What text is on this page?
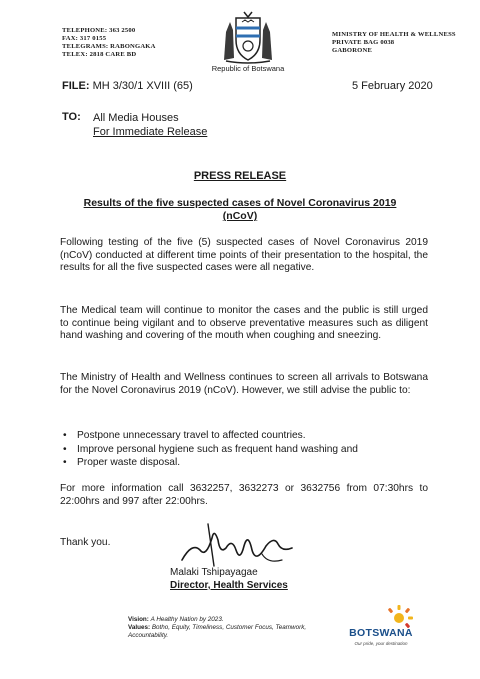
TELEPHONE: 363 2500
FAX: 317 0155
TELEGRAMS: RABONGAKA
TELEX: 2818 CARE BD
Republic of Botswana
MINISTRY OF HEALTH & WELLNESS
PRIVATE BAG 0038
GABORONE
FILE: MH 3/30/1 XVIII (65)	5 February 2020
TO: All Media Houses
For Immediate Release
PRESS RELEASE
Results of the five suspected cases of Novel Coronavirus 2019 (nCoV)
Following testing of the five (5) suspected cases of Novel Coronavirus 2019 (nCoV) conducted at different time points of their presentation to the hospital, the results for all the five suspected cases were all negative.
The Medical team will continue to monitor the cases and the public is still urged to continue being vigilant and to observe preventative measures such as diligent hand washing and covering of the mouth when coughing and sneezing.
The Ministry of Health and Wellness continues to screen all arrivals to Botswana for the Novel Coronavirus 2019 (nCoV). However, we still advise the public to:
• Postpone unnecessary travel to affected countries.
• Improve personal hygiene such as frequent hand washing and
• Proper waste disposal.
For more information call 3632257, 3632273 or 3632756 from 07:30hrs to 22:00hrs and 997 after 22:00hrs.
Thank you.
Malaki Tshipayagae
Director, Health Services
Vision: A Healthy Nation by 2023.
Values: Botho, Equity, Timeliness, Customer Focus, Teamwork, Accountability.	BOTSWANA
Our pride, your destination
